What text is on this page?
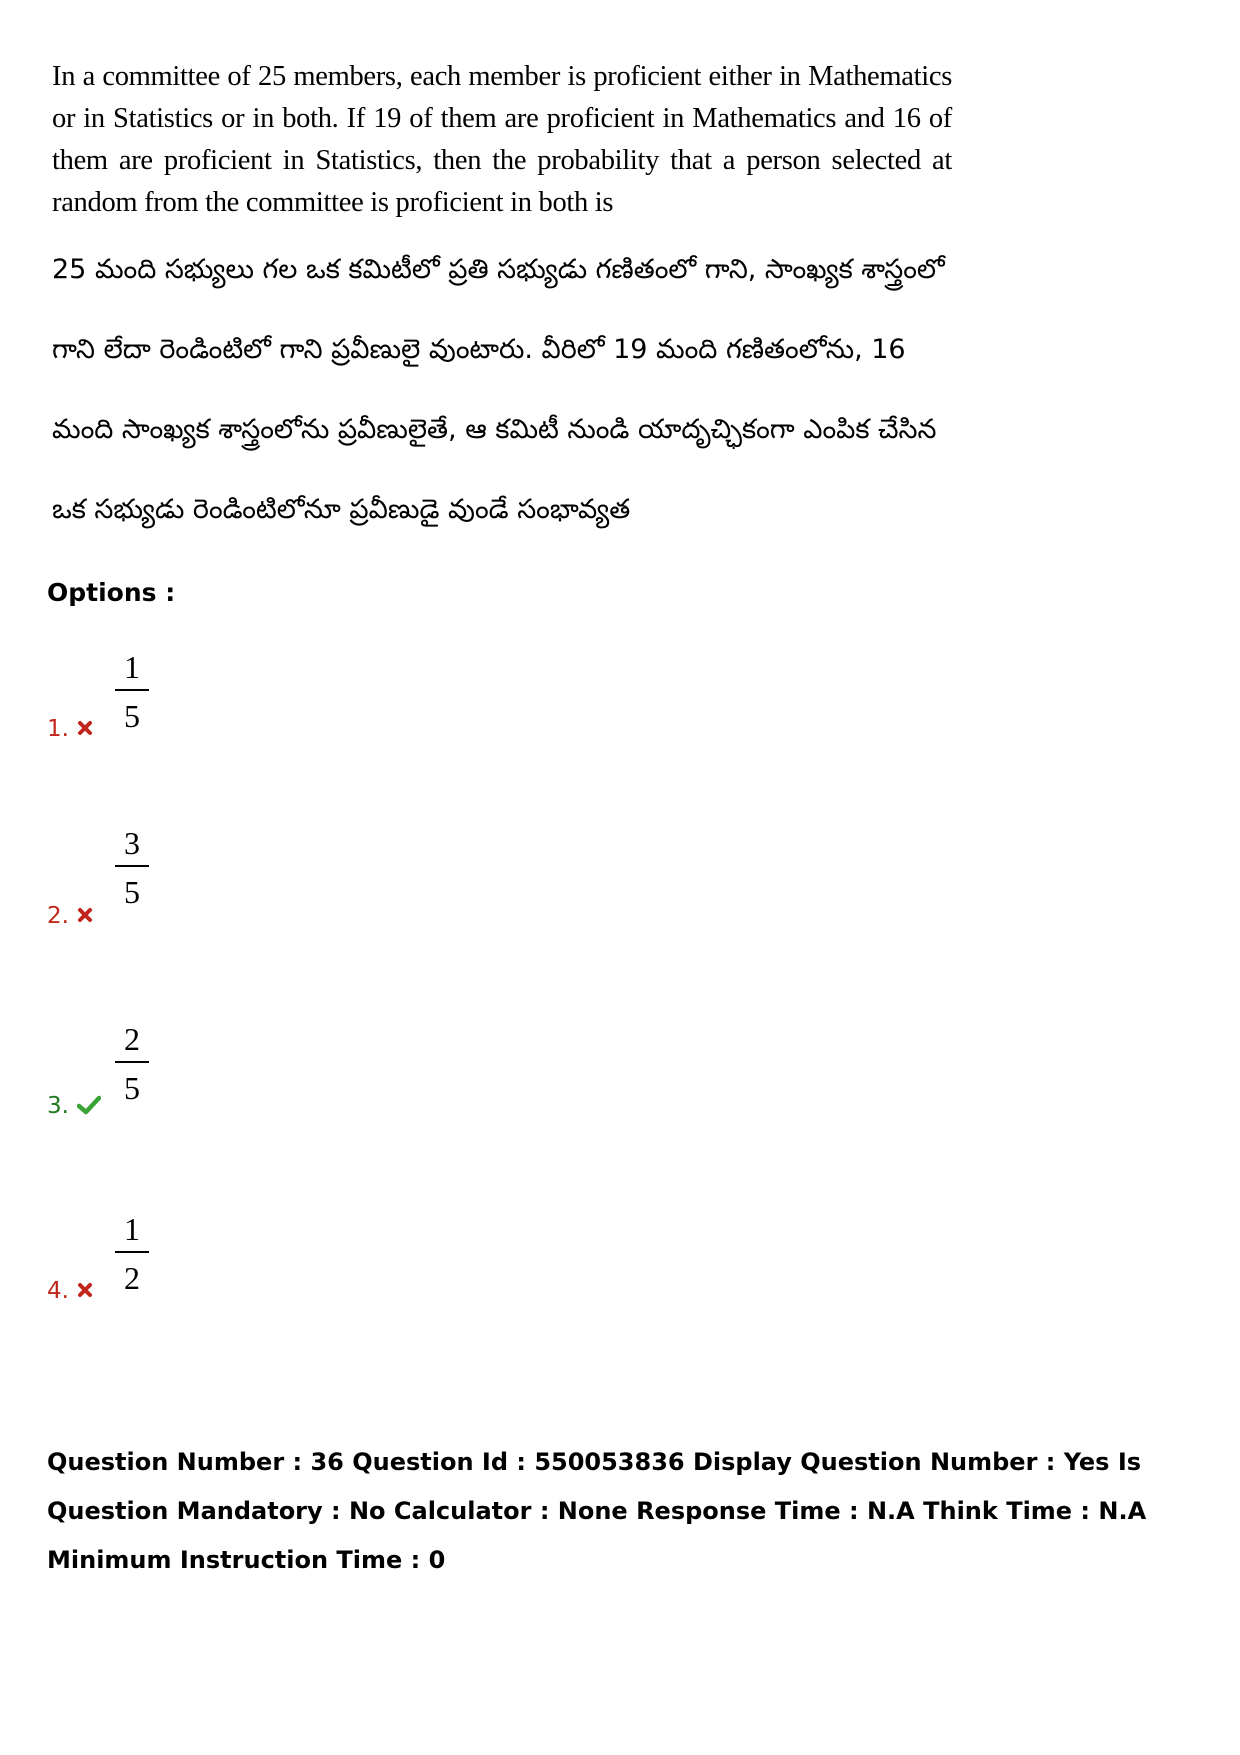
In a committee of 25 members, each member is proficient either in Mathematics or in Statistics or in both. If 19 of them are proficient in Mathematics and 16 of them are proficient in Statistics, then the probability that a person selected at random from the committee is proficient in both is

25 మంది సభ్యులు గల ఒక కమిటీలో ప్రతి సభ్యుడు గణితంలో గాని, సాంఖ్యక శాస్త్రంలో గాని లేదా రెండింటిలో గాని ప్రవీణులై వుంటారు. వీరిలో 19 మంది గణితంలోను, 16 మంది సాంఖ్యక శాస్త్రంలోను ప్రవీణులైతే, ఆ కమిటీ నుండి యాదృచ్ఛికంగా ఎంపిక చేసిన ఒక సభ్యుడు రెండింటిలోనూ ప్రవీణుడై వుండే సంభావ్యత

Options :
1.
1
5
2.
3
5
3.
2
5
4.
1
2

Question Number : 36 Question Id : 550053836 Display Question Number : Yes Is Question Mandatory : No Calculator : None Response Time : N.A Think Time : N.A Minimum Instruction Time : 0
